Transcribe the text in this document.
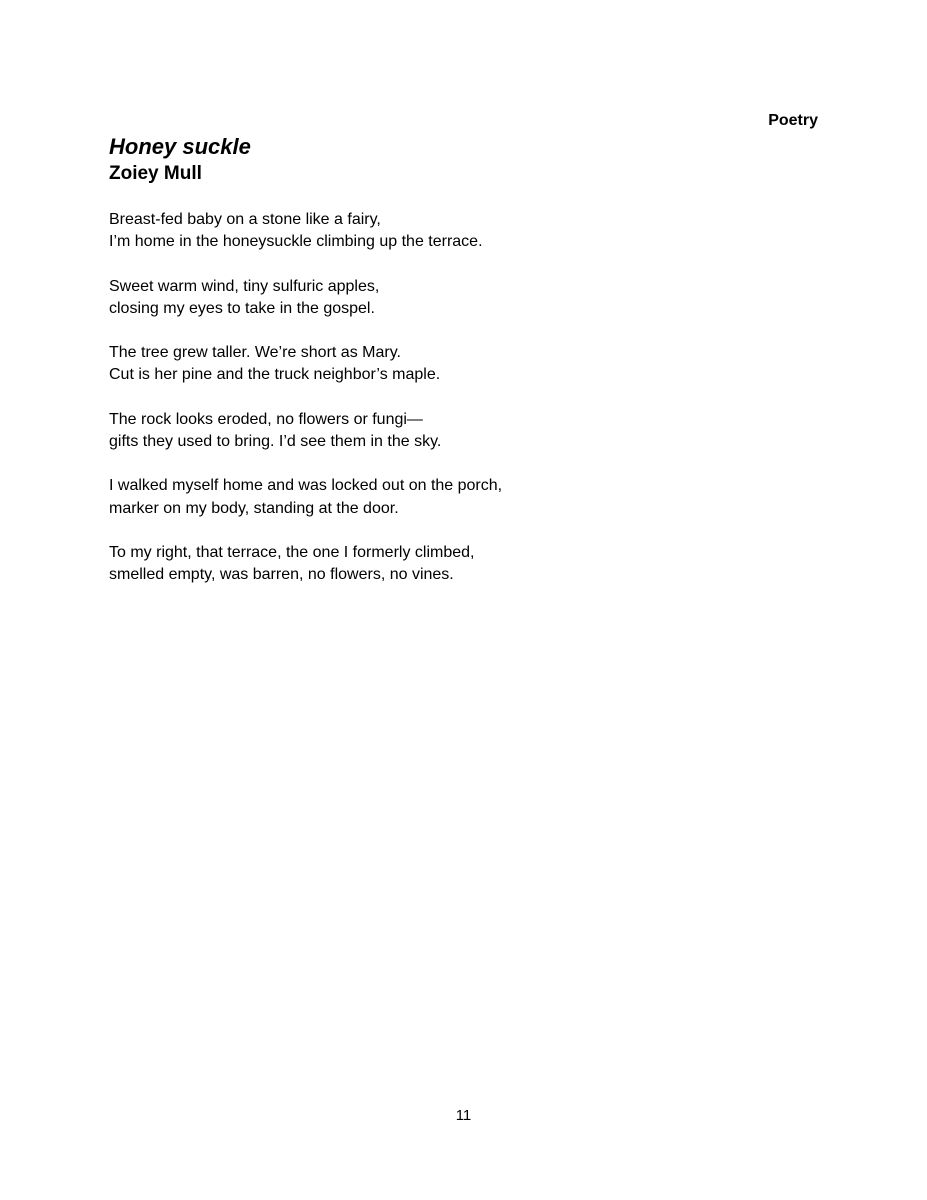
Poetry
Honey suckle
Zoiey Mull
Breast-fed baby on a stone like a fairy,
I’m home in the honeysuckle climbing up the terrace.
Sweet warm wind, tiny sulfuric apples,
closing my eyes to take in the gospel.
The tree grew taller. We’re short as Mary.
Cut is her pine and the truck neighbor’s maple.
The rock looks eroded, no flowers or fungi—
gifts they used to bring. I’d see them in the sky.
I walked myself home and was locked out on the porch,
marker on my body, standing at the door.
To my right, that terrace, the one I formerly climbed,
smelled empty, was barren, no flowers, no vines.
11
